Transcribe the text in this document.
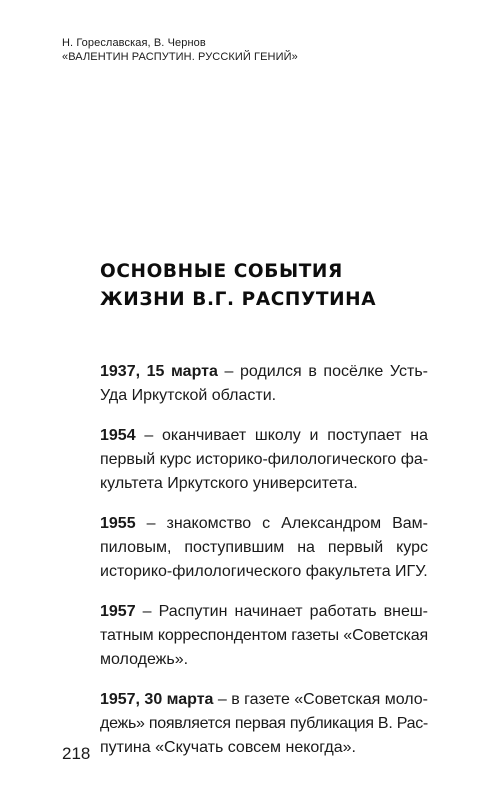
Н. Гореславская, В. Чернов
«ВАЛЕНТИН РАСПУТИН. РУССКИЙ ГЕНИЙ»
ОСНОВНЫЕ СОБЫТИЯ
ЖИЗНИ В.Г. РАСПУТИНА
1937, 15 марта – родился в посёлке Усть-
Уда Иркутской области.
1954 – оканчивает школу и поступает на
первый курс историко-филологического фа-
культета Иркутского университета.
1955 – знакомство с Александром Вам-
пиловым, поступившим на первый курс
историко-филологического факультета ИГУ.
1957 – Распутин начинает работать внеш-
татным корреспондентом газеты «Советская
молодежь».
1957, 30 марта – в газете «Советская моло-
дежь» появляется первая публикация В. Рас-
путина «Скучать совсем некогда».
218
